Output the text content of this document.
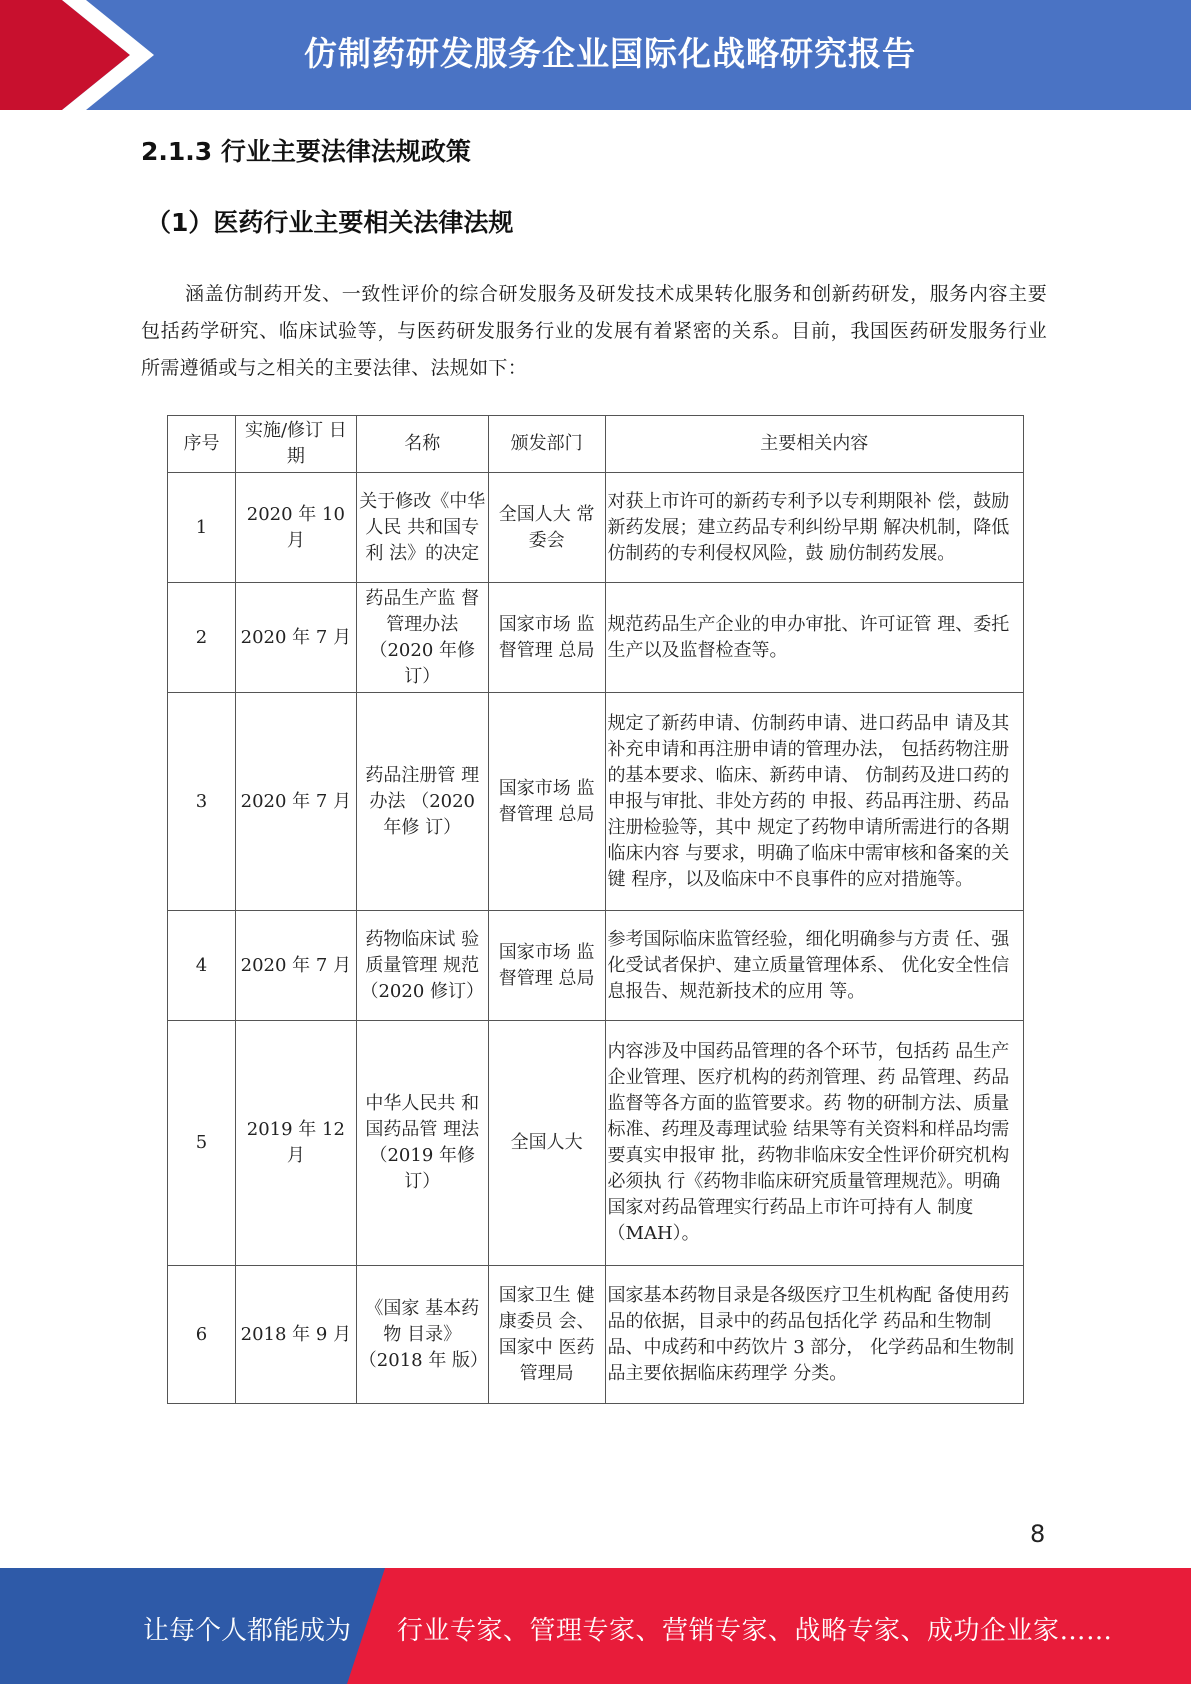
仿制药研发服务企业国际化战略研究报告
2.1.3 行业主要法律法规政策
（1）医药行业主要相关法律法规
涵盖仿制药开发、一致性评价的综合研发服务及研发技术成果转化服务和创新药研发，服务内容主要包括药学研究、临床试验等，与医药研发服务行业的发展有着紧密的关系。目前，我国医药研发服务行业所需遵循或与之相关的主要法律、法规如下：
序号	实施/修订 日期	名称	颁发部门	主要相关内容
1	2020 年 10 月	关于修改《中华人民 共和国专利 法》的决定	全国人大 常委会	对获上市许可的新药专利予以专利期限补 偿，鼓励新药发展；建立药品专利纠纷早期 解决机制，降低仿制药的专利侵权风险，鼓 励仿制药发展。
2	2020 年 7 月	药品生产监 督管理办法 （2020 年修 订）	国家市场 监督管理 总局	规范药品生产企业的申办审批、许可证管 理、委托生产以及监督检查等。
3	2020 年 7 月	药品注册管 理办法 （2020 年修 订）	国家市场 监督管理 总局	规定了新药申请、仿制药申请、进口药品申 请及其补充申请和再注册申请的管理办法， 包括药物注册的基本要求、临床、新药申请、 仿制药及进口药的申报与审批、非处方药的 申报、药品再注册、药品注册检验等，其中 规定了药物申请所需进行的各期临床内容 与要求，明确了临床中需审核和备案的关键 程序，以及临床中不良事件的应对措施等。
4	2020 年 7 月	药物临床试 验质量管理 规范（2020 修订）	国家市场 监督管理 总局	参考国际临床监管经验，细化明确参与方责 任、强化受试者保护、建立质量管理体系、 优化安全性信息报告、规范新技术的应用 等。
5	2019 年 12 月	中华人民共 和国药品管 理法（2019 年修订）	全国人大	内容涉及中国药品管理的各个环节，包括药 品生产企业管理、医疗机构的药剂管理、药 品管理、药品监督等各方面的监管要求。药 物的研制方法、质量标准、药理及毒理试验 结果等有关资料和样品均需要真实申报审 批，药物非临床安全性评价研究机构必须执 行《药物非临床研究质量管理规范》。明确 国家对药品管理实行药品上市许可持有人 制度（MAH）。
6	2018 年 9 月	《国家 基本药物 目录》 （2018 年 版）	国家卫生 健康委员 会、国家中 医药管理局	国家基本药物目录是各级医疗卫生机构配 备使用药品的依据，目录中的药品包括化学 药品和生物制品、中成药和中药饮片 3 部分， 化学药品和生物制品主要依据临床药理学 分类。
8
让每个人都能成为 行业专家、管理专家、营销专家、战略专家、成功企业家……
